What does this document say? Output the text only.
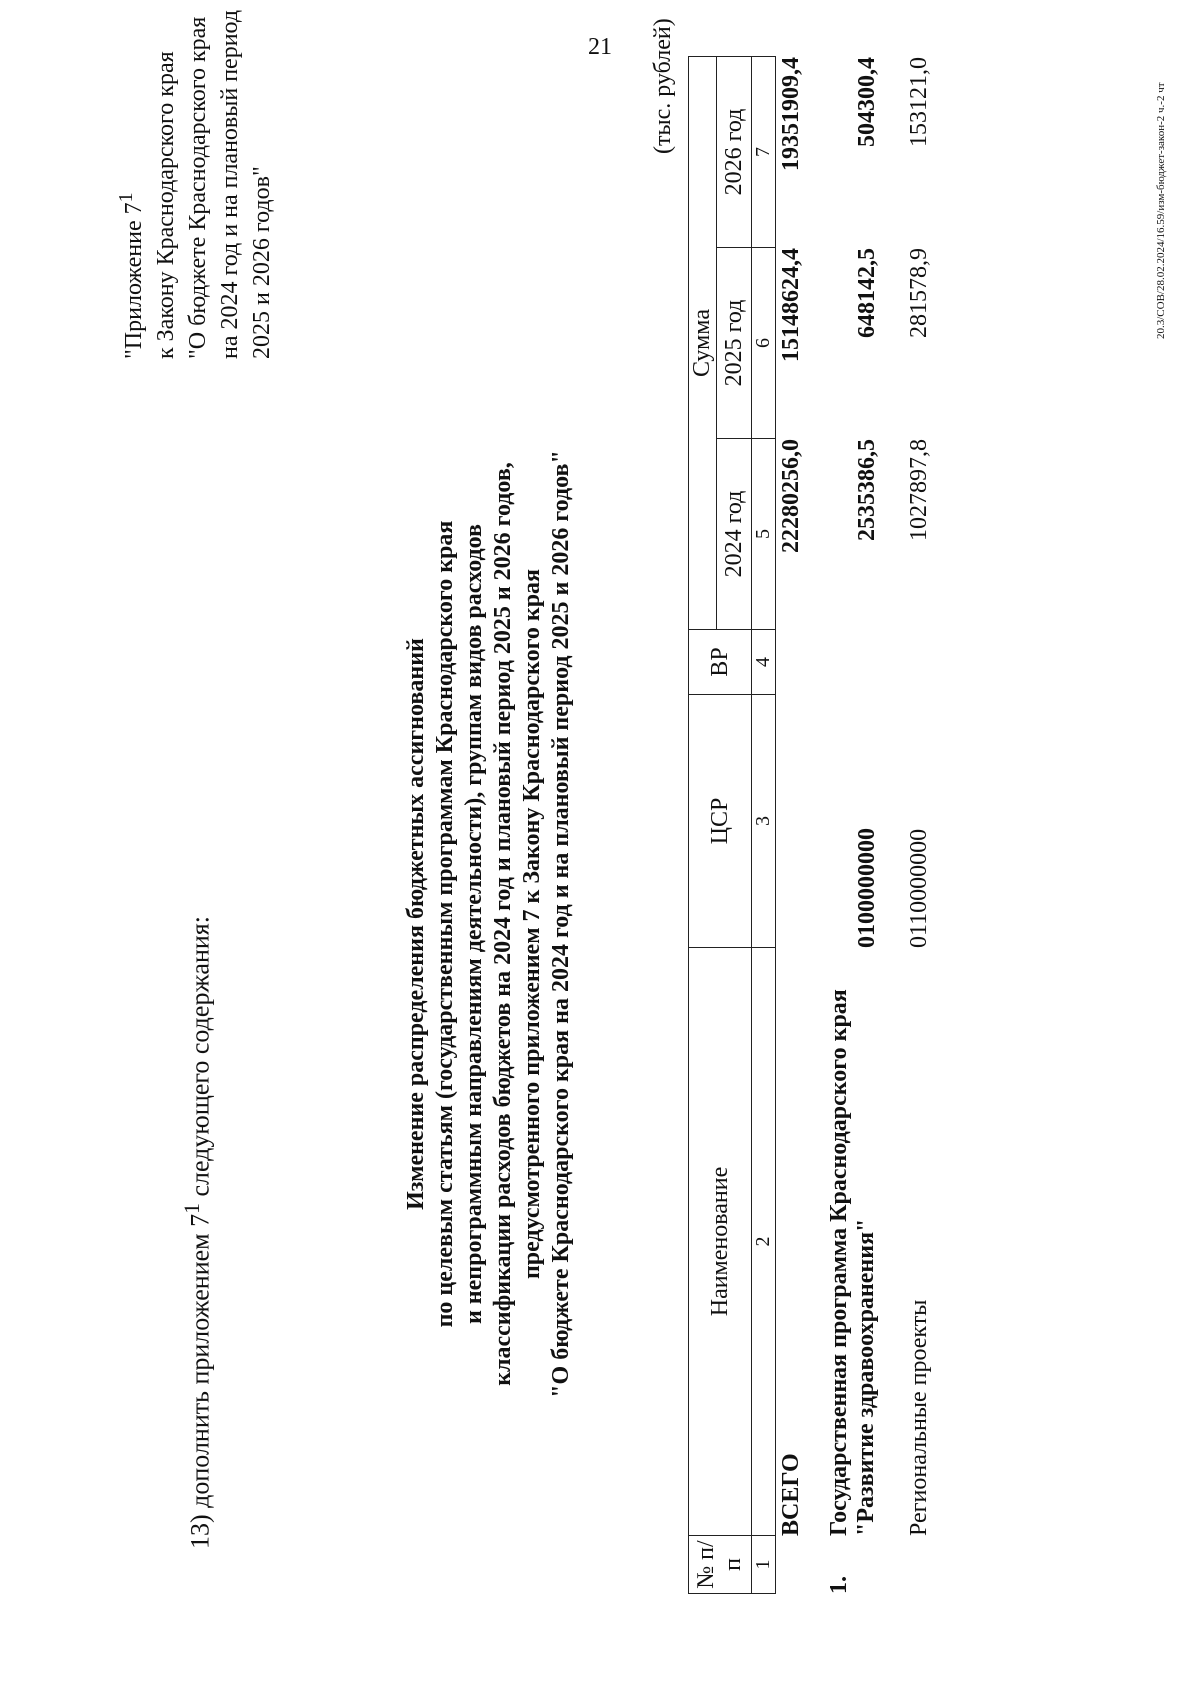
21
13) дополнить приложением $7^1$ следующего содержания:
"Приложение $7^1$ к Закону Краснодарского края "О бюджете Краснодарского края на 2024 год и на плановый период 2025 и 2026 годов"
Изменение распределения бюджетных ассигнований по целевым статьям (государственным программам Краснодарского края и непрограммным направлениям деятельности), группам видов расходов классификации расходов бюджетов на 2024 год и плановый период 2025 и 2026 годов, предусмотренного приложением 7 к Закону Краснодарского края "О бюджете Краснодарского края на 2024 год и на плановый период 2025 и 2026 годов"
(тыс. рублей)
№ п/п	Наименование	ЦСР	ВР	Сумма		
				2024 год	2025 год	2026 год
1	2	3	4	5	6	7
	ВСЕГО			22280256,0	15148624,4	19351909,4
1.	Государственная программа Краснодарского края "Развитие здравоохранения"	0100000000		2535386,5	648142,5	504300,4
	Региональные проекты	0110000000		1027897,8	281578,9	153121,0	20.3/СОВ/28.02.2024/16.59/изм-бюджет-закон-2 ч.-2 чт
